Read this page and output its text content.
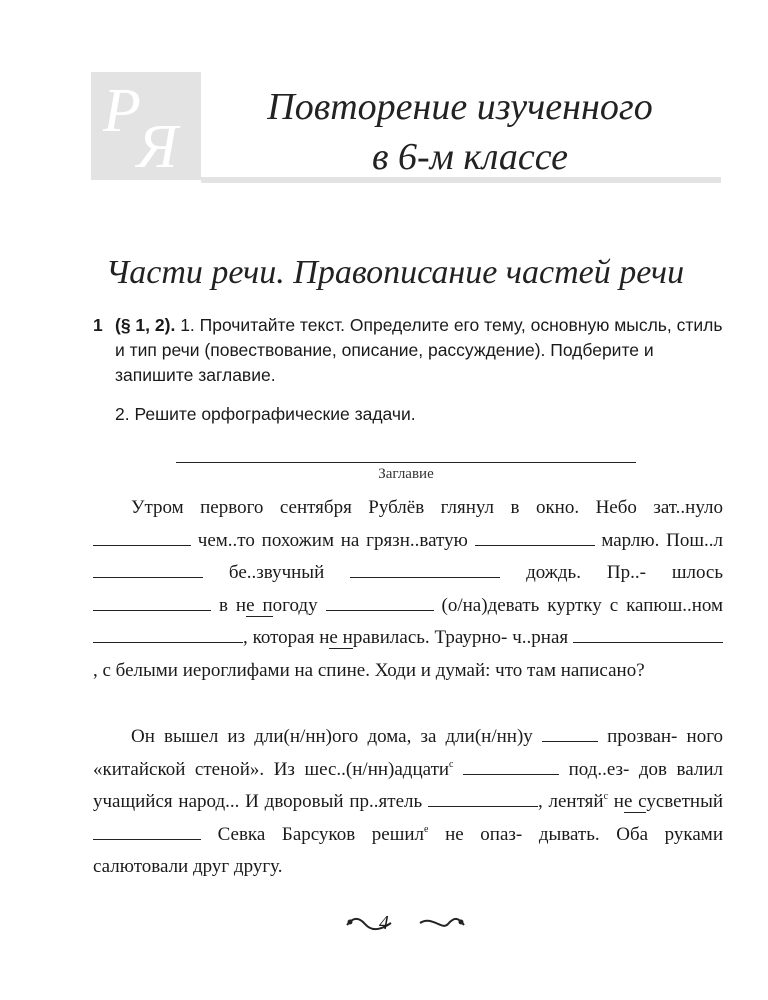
Р
Я
Повторение изученного
в 6-м классе
Части речи. Правописание частей речи
1 (§ 1, 2). 1. Прочитайте текст. Определите его тему, основную мысль, стиль и тип речи (повествование, описание, рассуждение). Подберите и запишите заглавие.
2. Решите орфографические задачи.
Заглавие
Утром первого сентября Рублёв глянул в окно. Небо зат..нуло  чем..то похожим на грязн..ватую	марлю. Пош..л  бе..звучный	дождь. Пр..- шлось  в не погоду	(о/на)девать куртку с капюш..ном , которая не нравилась. Траурно- ч..рная , с белыми иероглифами на спине. Ходи и думай: что там написано?
Он вышел из дли(н/нн)ого дома, за дли(н/нн)у	прозван- ного «китайской стеной». Из шес..(н/нн)адцати$^с$	под..ез- дов валил учащийся народ... И дворовый пр..ятель	, лентяй$^с$ не сусветный  Севка Барсуков решил$^е$ не опаз- дывать. Оба руками салютовали друг другу.
4
